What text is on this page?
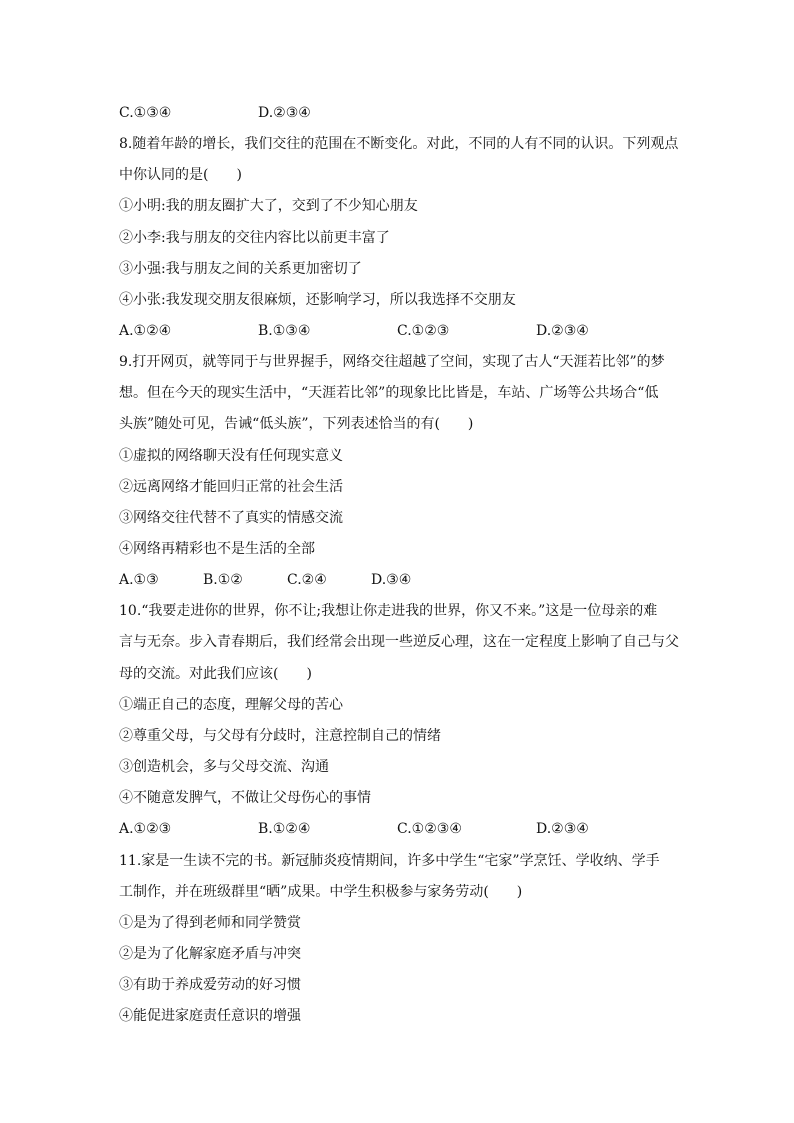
C.①③④	D.②③④
8.随着年龄的增长，我们交往的范围在不断变化。对此，不同的人有不同的认识。下列观点
中你认同的是(　　)
①小明:我的朋友圈扩大了，交到了不少知心朋友
②小李:我与朋友的交往内容比以前更丰富了
③小强:我与朋友之间的关系更加密切了
④小张:我发现交朋友很麻烦，还影响学习，所以我选择不交朋友
A.①②④	B.①③④	C.①②③	D.②③④
9.打开网页，就等同于与世界握手，网络交往超越了空间，实现了古人“天涯若比邻”的梦
想。但在今天的现实生活中，“天涯若比邻”的现象比比皆是，车站、广场等公共场合“低
头族”随处可见，告诫“低头族”，下列表述恰当的有(　　)
①虚拟的网络聊天没有任何现实意义
②远离网络才能回归正常的社会生活
③网络交往代替不了真实的情感交流
④网络再精彩也不是生活的全部
A.①③	B.①②	C.②④	D.③④
10.“我要走进你的世界，你不让;我想让你走进我的世界，你又不来。”这是一位母亲的难
言与无奈。步入青春期后，我们经常会出现一些逆反心理，这在一定程度上影响了自己与父
母的交流。对此我们应该(　　)
①端正自己的态度，理解父母的苦心
②尊重父母，与父母有分歧时，注意控制自己的情绪
③创造机会，多与父母交流、沟通
④不随意发脾气，不做让父母伤心的事情
A.①②③	B.①②④	C.①②③④	D.②③④
11.家是一生读不完的书。新冠肺炎疫情期间，许多中学生“宅家”学烹饪、学收纳、学手
工制作，并在班级群里“晒”成果。中学生积极参与家务劳动(　　)
①是为了得到老师和同学赞赏
②是为了化解家庭矛盾与冲突
③有助于养成爱劳动的好习惯
④能促进家庭责任意识的增强
